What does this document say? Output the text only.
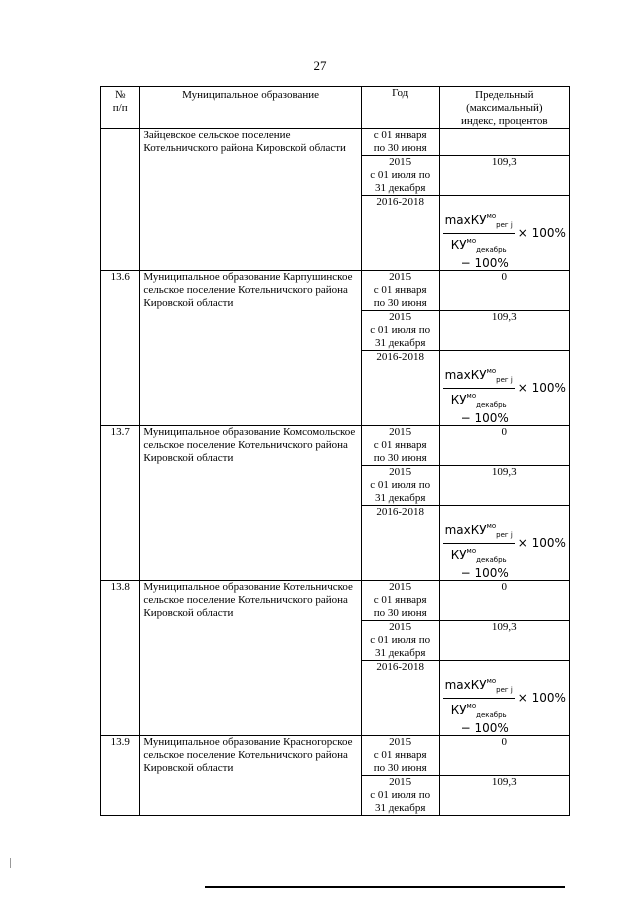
27
№
п/п	Муниципальное образование	Год	Предельный
(максимальный)
индекс, процентов
	Зайцевское сельское поселение Котельничского района Кировской области	с 01 января
по 30 июня	
		2015
с 01 июля по
31 декабря	109,3
		2016-2018	$\frac{\max КУ^{мо}_{рег j}}{КУ^{мо}_{декабрь}} \times 100\%$
− 100%

13.6	Муниципальное образование Карпушинское сельское поселение Котельничского района Кировской области	2015
с 01 января
по 30 июня	0
		2015
с 01 июля по
31 декабря	109,3
		2016-2018	$\frac{\max КУ^{мо}_{рег j}}{КУ^{мо}_{декабрь}} \times 100\%$
− 100%

13.7	Муниципальное образование Комсомольское сельское поселение Котельничского района Кировской области	2015
с 01 января
по 30 июня	0
		2015
с 01 июля по
31 декабря	109,3
		2016-2018	$\frac{\max КУ^{мо}_{рег j}}{КУ^{мо}_{декабрь}} \times 100\%$
− 100%

13.8	Муниципальное образование Котельничское сельское поселение Котельничского района Кировской области	2015
с 01 января
по 30 июня	0
		2015
с 01 июля по
31 декабря	109,3
		2016-2018	$\frac{\max КУ^{мо}_{рег j}}{КУ^{мо}_{декабрь}} \times 100\%$
− 100%

13.9	Муниципальное образование Красногорское сельское поселение Котельничского района Кировской области	2015
с 01 января
по 30 июня	0
		2015
с 01 июля по
31 декабря	109,3
